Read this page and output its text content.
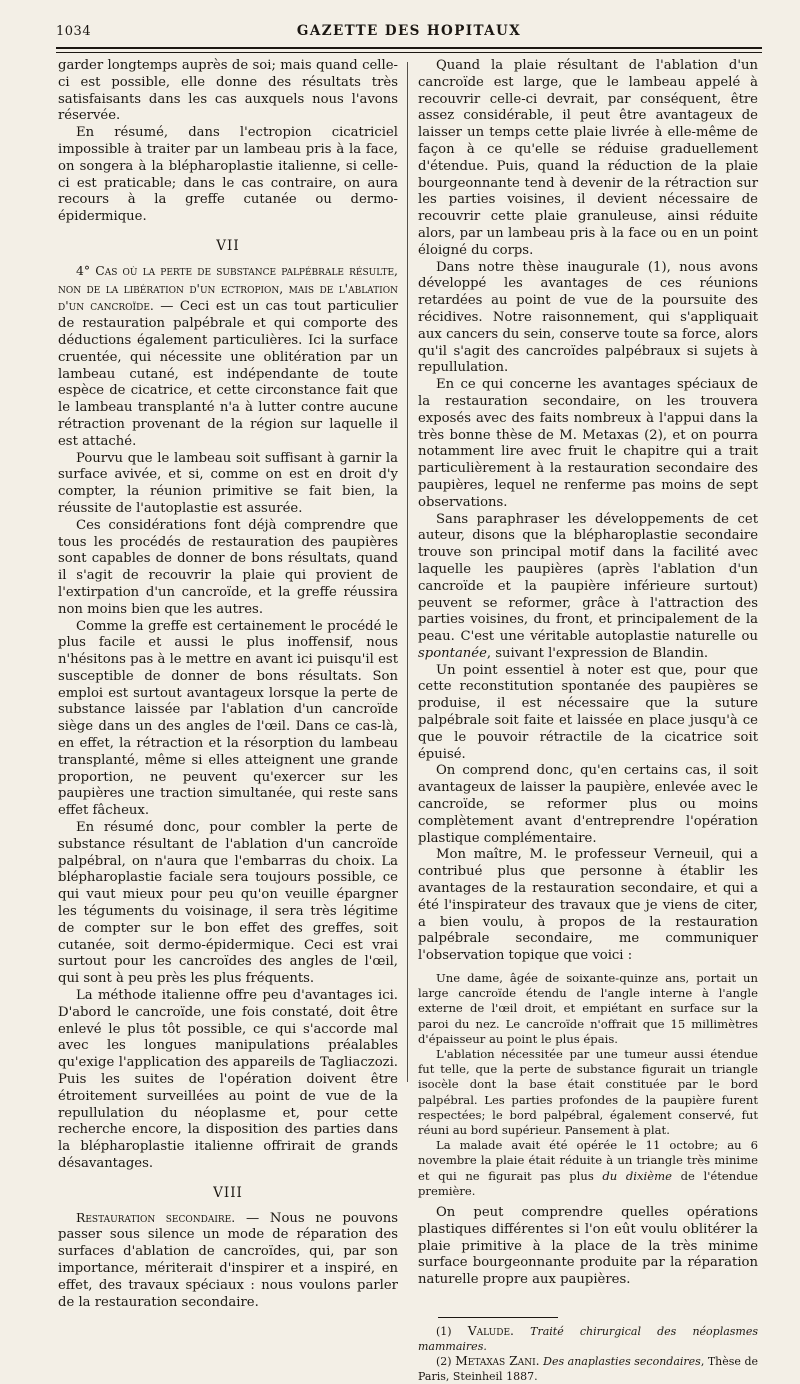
1034	GAZETTE DES HOPITAUX

garder longtemps auprès de soi; mais quand celle-ci est possible, elle donne des résultats très satisfaisants dans les cas auxquels nous l'avons réservée.

En résumé, dans l'ectropion cicatriciel impossible à traiter par un lambeau pris à la face, on songera à la blépharoplastie italienne, si celle-ci est praticable; dans le cas contraire, on aura recours à la greffe cutanée ou dermo-épidermique.

VII

4° Cas où la perte de substance palpébrale résulte, non de la libération d'un ectropion, mais de l'ablation d'un cancroïde. — Ceci est un cas tout particulier de restauration palpébrale et qui comporte des déductions également particulières. Ici la surface cruentée, qui nécessite une oblitération par un lambeau cutané, est indépendante de toute espèce de cicatrice, et cette circonstance fait que le lambeau transplanté n'a à lutter contre aucune rétraction provenant de la région sur laquelle il est attaché.

Pourvu que le lambeau soit suffisant à garnir la surface avivée, et si, comme on est en droit d'y compter, la réunion primitive se fait bien, la réussite de l'autoplastie est assurée.

Ces considérations font déjà comprendre que tous les procédés de restauration des paupières sont capables de donner de bons résultats, quand il s'agit de recouvrir la plaie qui provient de l'extirpation d'un cancroïde, et la greffe réussira non moins bien que les autres.

Comme la greffe est certainement le procédé le plus facile et aussi le plus inoffensif, nous n'hésitons pas à le mettre en avant ici puisqu'il est susceptible de donner de bons résultats. Son emploi est surtout avantageux lorsque la perte de substance laissée par l'ablation d'un cancroïde siège dans un des angles de l'œil. Dans ce cas-là, en effet, la rétraction et la résorption du lambeau transplanté, même si elles atteignent une grande proportion, ne peuvent qu'exercer sur les paupières une traction simultanée, qui reste sans effet fâcheux.

En résumé donc, pour combler la perte de substance résultant de l'ablation d'un cancroïde palpébral, on n'aura que l'embarras du choix. La blépharoplastie faciale sera toujours possible, ce qui vaut mieux pour peu qu'on veuille épargner les téguments du voisinage, il sera très légitime de compter sur le bon effet des greffes, soit cutanée, soit dermo-épidermique. Ceci est vrai surtout pour les cancroïdes des angles de l'œil, qui sont à peu près les plus fréquents.

La méthode italienne offre peu d'avantages ici. D'abord le cancroïde, une fois constaté, doit être enlevé le plus tôt possible, ce qui s'accorde mal avec les longues manipulations préalables qu'exige l'application des appareils de Tagliaczozi. Puis les suites de l'opération doivent être étroitement surveillées au point de vue de la repullulation du néoplasme et, pour cette recherche encore, la disposition des parties dans la blépharoplastie italienne offrirait de grands désavantages.

VIII

Restauration secondaire. — Nous ne pouvons passer sous silence un mode de réparation des surfaces d'ablation de cancroïdes, qui, par son importance, mériterait d'inspirer et a inspiré, en effet, des travaux spéciaux : nous voulons parler de la restauration secondaire.

Quand la plaie résultant de l'ablation d'un cancroïde est large, que le lambeau appelé à recouvrir celle-ci devrait, par conséquent, être assez considérable, il peut être avantageux de laisser un temps cette plaie livrée à elle-même de façon à ce qu'elle se réduise graduellement d'étendue. Puis, quand la réduction de la plaie bourgeonnante tend à devenir de la rétraction sur les parties voisines, il devient nécessaire de recouvrir cette plaie granuleuse, ainsi réduite alors, par un lambeau pris à la face ou en un point éloigné du corps.

Dans notre thèse inaugurale (1), nous avons développé les avantages de ces réunions retardées au point de vue de la poursuite des récidives. Notre raisonnement, qui s'appliquait aux cancers du sein, conserve toute sa force, alors qu'il s'agit des cancroïdes palpébraux si sujets à repullulation.

En ce qui concerne les avantages spéciaux de la restauration secondaire, on les trouvera exposés avec des faits nombreux à l'appui dans la très bonne thèse de M. Metaxas (2), et on pourra notamment lire avec fruit le chapitre qui a trait particulièrement à la restauration secondaire des paupières, lequel ne renferme pas moins de sept observations.

Sans paraphraser les développements de cet auteur, disons que la blépharoplastie secondaire trouve son principal motif dans la facilité avec laquelle les paupières (après l'ablation d'un cancroïde et la paupière inférieure surtout) peuvent se reformer, grâce à l'attraction des parties voisines, du front, et principalement de la peau. C'est une véritable autoplastie naturelle ou spontanée, suivant l'expression de Blandin.

Un point essentiel à noter est que, pour que cette reconstitution spontanée des paupières se produise, il est nécessaire que la suture palpébrale soit faite et laissée en place jusqu'à ce que le pouvoir rétractile de la cicatrice soit épuisé.

On comprend donc, qu'en certains cas, il soit avantageux de laisser la paupière, enlevée avec le cancroïde, se reformer plus ou moins complètement avant d'entreprendre l'opération plastique complémentaire.

Mon maître, M. le professeur Verneuil, qui a contribué plus que personne à établir les avantages de la restauration secondaire, et qui a été l'inspirateur des travaux que je viens de citer, a bien voulu, à propos de la restauration palpébrale secondaire, me communiquer l'observation topique que voici :

Une dame, âgée de soixante-quinze ans, portait un large cancroïde étendu de l'angle interne à l'angle externe de l'œil droit, et empiétant en surface sur la paroi du nez. Le cancroïde n'offrait que 15 millimètres d'épaisseur au point le plus épais.

L'ablation nécessitée par une tumeur aussi étendue fut telle, que la perte de substance figurait un triangle isocèle dont la base était constituée par le bord palpébral. Les parties profondes de la paupière furent respectées; le bord palpébral, également conservé, fut réuni au bord supérieur. Pansement à plat.

La malade avait été opérée le 11 octobre; au 6 novembre la plaie était réduite à un triangle très minime et qui ne figurait pas plus du dixième de l'étendue première.

On peut comprendre quelles opérations plastiques différentes si l'on eût voulu oblitérer la plaie primitive à la place de la très minime surface bourgeonnante produite par la réparation naturelle propre aux paupières.

(1) Valude. Traité chirurgical des néoplasmes mammaires.

(2) Metaxas Zani. Des anaplasties secondaires, Thèse de Paris, Steinheil 1887.
